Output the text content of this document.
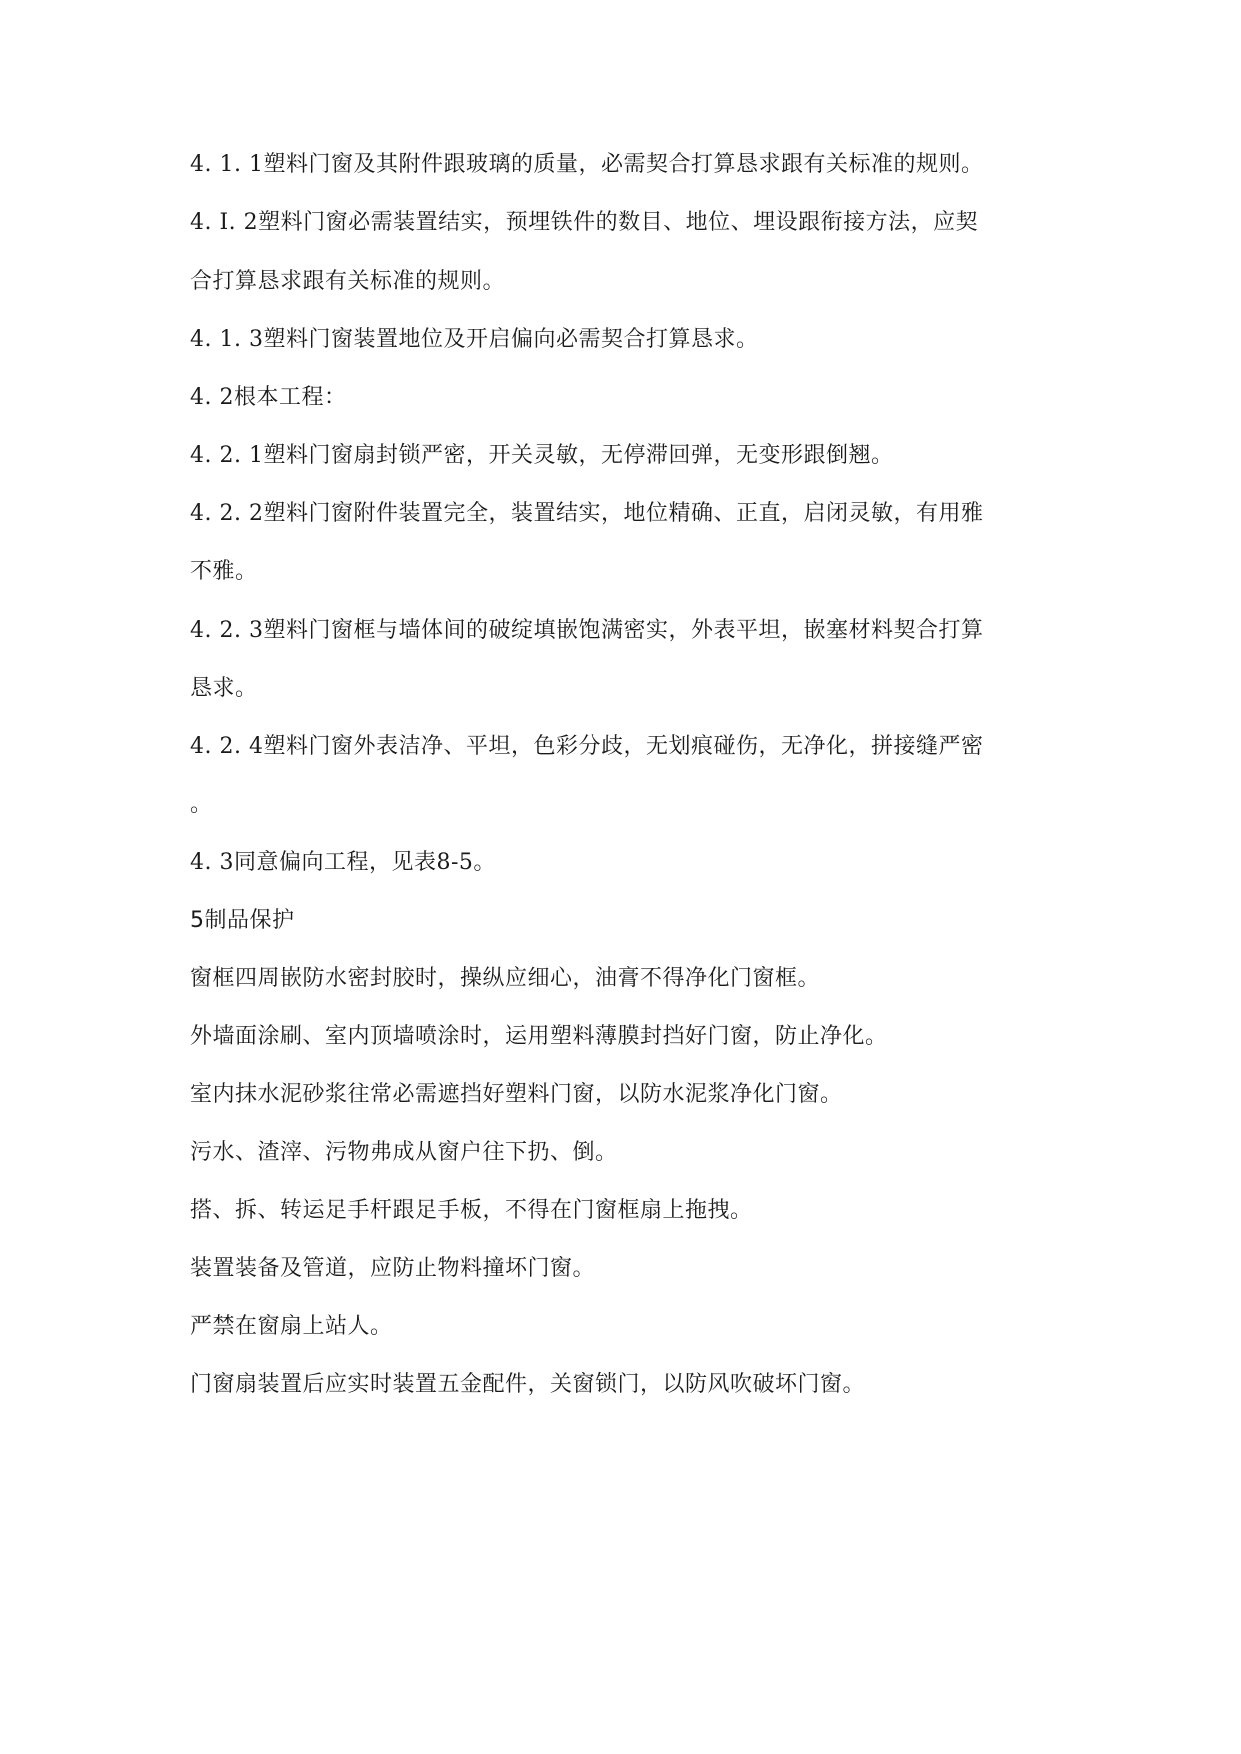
4. 1. 1塑料门窗及其附件跟玻璃的质量，必需契合打算恳求跟有关标准的规则。
4. I. 2塑料门窗必需装置结实，预埋铁件的数目、地位、埋设跟衔接方法，应契
合打算恳求跟有关标准的规则。
4. 1. 3塑料门窗装置地位及开启偏向必需契合打算恳求。
4. 2根本工程：
4. 2. 1塑料门窗扇封锁严密，开关灵敏，无停滞回弹，无变形跟倒翘。
4. 2. 2塑料门窗附件装置完全，装置结实，地位精确、正直，启闭灵敏，有用雅
不雅。
4. 2. 3塑料门窗框与墙体间的破绽填嵌饱满密实，外表平坦，嵌塞材料契合打算
恳求。
4. 2. 4塑料门窗外表洁净、平坦，色彩分歧，无划痕碰伤，无净化，拼接缝严密
。
4. 3同意偏向工程，见表8-5。
5制品保护
窗框四周嵌防水密封胶时，操纵应细心，油膏不得净化门窗框。
外墙面涂刷、室内顶墙喷涂时，运用塑料薄膜封挡好门窗，防止净化。
室内抹水泥砂浆往常必需遮挡好塑料门窗，以防水泥浆净化门窗。
污水、渣滓、污物弗成从窗户往下扔、倒。
搭、拆、转运足手杆跟足手板，不得在门窗框扇上拖拽。
装置装备及管道，应防止物料撞坏门窗。
严禁在窗扇上站人。
门窗扇装置后应实时装置五金配件，关窗锁门，以防风吹破坏门窗。
